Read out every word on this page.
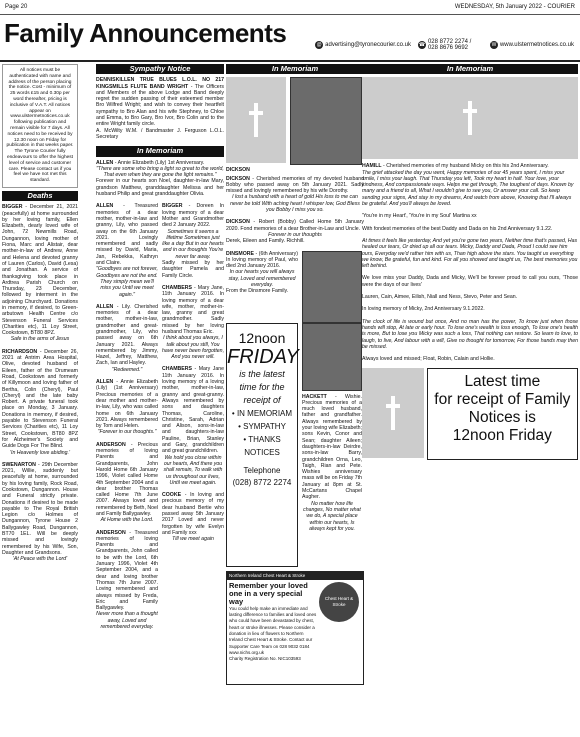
Page 20	WEDNESDAY, 5th January 2022 - COURIER
Family Announcements	@ advertising@tyronecourier.co.uk ☎ 028 8772 2274 / 028 8676 9692	W www.ulstermetnotices.co.uk
All notices must be authenticated with name and address of the person placing the notice. Cost - minimum of 25 words £15 and 0.30p per word thereafter, pricing is inclusive of V.A.T. All notices appear on www.ulstermetnotices.co.uk following publication and remain visible for 7 days. All notices need to be received by 12.30 noon on Friday for publication in that weeks paper. The Tyrone Courier fully endeavours to offer the highest level of service and customer care. Please contact us if you feel we have not met this standard.
Deaths
BIGGER - December 21, 2021 (peacefully) at home surrounded by her loving family, Ellen Elizabeth, dearly loved wife of John, 72 Newmills Road, Dungannon, loving mother of Fiona, Marc and Alistair, dear mother-in-law of Andrew, Anne and Helena and devoted granny of Lauren (Carlos), David (Lesa) and Jonathan. A service of thanksgiving took place in Ardtrea Parish Church on Thursday, 23 December, followed by interment in the adjoining Churchyard. Donations in memory, if desired, to Green-arbutown Health Centre c/o Stevenson Funeral Services (Charities etc), 11 Loy Street, Cookstown, BT80 8PZ.
Safe in the arms of Jesus
RICHARDSON - December 26, 2021 at Antrim Area Hospital, Olive, devoted husband of Eileen, father of the Drumeam Road, Cookstown and formerly of Killymoon and loving father of Bertha, Colin (Cheryl), Paul (Cheryl) and the late baby Robert. A private funeral took place on Monday, 3 January. Donations in memory, if desired, payable to Stevenson Funeral Services (Charities etc), 11 Loy Street, Cookstown, BT80 8PZ for Alzheimer's Society and Guide Dogs For The Blind.
'In Heavenly love abiding.'
SWENARTON - 29th December 2021, Willie, suddenly but peacefully at home, surrounded by his loving family, Rock Road, Cookstown, Dungannon. House and Funeral strictly private. Donations if desired to be made payable to The Royal British Legion c/o Holmes of Dungannon, Tyrone House 2 Ballygawley Road, Dungannon, BT70 1EL. Will be deeply missed and lovingly remembered by his Wife, Son, Daughter and Grandsons.
'At Peace with the Lord'
Sympathy Notice
DENNISKILLEN TRUE BLUES L.O.L. NO 217 KINGSMILLS FLUTE BAND WRIGHT - The Officers and Members of the above Lodge and Band deeply regret the sudden passing of their esteemed member Bro Wilfred Wright; and wish to convey their heartfelt sympathy to Bro Alan and his wife Stephney, to Chloe and Emma, to Bro Gary, Bro Ivor, Bro Colin and to the entire Wright family circle.
A. McWilty W.M. / Bandmaster J. Ferguson L.O.L. Secretary
In Memoriam
ALLEN - Annie Elizabeth (Lily) 1st Anniversary.
"There are some who bring a light so great to the world, That even when they are gone the light remains."
Forever in our hearts son Noel, daughter-in-law Mary, grandson Matthew, granddaughter Melissa and her husband Philip and great granddaughter Olivia.
ALLEN - Treasured memories of a dear mother, mother-in-law and granny, Lily, who passed away on the 6th January 2021. Lovingly remembered and sadly missed by David, Maria, Jan, Rebekka, Kathryn and Claire.
"Goodbyes are not forever, Goodbyes are not the end. They simply mean we'll miss you Until we meet again."
ALLEN - Lily. Cherished memories of a dear mother, mother-in-law, grandmother and great-grandmother, Lily, who passed away on 6th January 2021. Always remembered by Jimmy, Hazel, Jeffrey, Matthew, Zach, Ian and Hayley.
"Redeemed."
ALLEN - Annie Elizabeth (Lily) (1st Anniversary) Precious memories of a dear mother and mother-in-law, Lily, who was called home on 6th January 2021. Always remembered by Tom and Helen.
"Forever in our thoughts."
ANDERSON - Precious memories of loving Parents and Grandparents, John Harold Home 6th January 1996, Violet called Home 4th September 2004 and a dear brother Thomas called Home 7th June 2007. Always loved and remembered by Beth, Noel and Family Ballygawley.
At Home with the Lord.
ANDERSON - Treasured memories of loving Parents and Grandparents, John called to be with the Lord, 6th January 1996, Violet 4th September 2004, and a dear and loving brother Thomas 7th June 2007. Loving remembered and always missed by Freda, Eric and Family Ballygawley.
Never more than a thought away, Loved and remembered everyday.
BIGGER - Doreen In loving memory of a dear Mother and Grandmother died 2 January 2022.
Sometimes it seems a lifetime Sometimes just like a day But in our hearts and in our thoughts You're never far away.
Sadly missed by her daughter Pamela and Family Circle.
CHAMBERS - Mary Jane, 11th January 2016. In loving memory of a dear wife, mother, mother-in-law, granny and great grandmother. Sadly missed by her loving husband Thomas Eric.
I think about you always, I talk about you still, You have never been forgotten, And you never will.
CHAMBERS - Mary Jane 11th January 2016. In loving memory of a loving mother, mother-in-law, granny and great-granny. Always remembered by sons and daughters Thomas, Caroline, Christine, Sarah, Adrian and Alison, sons-in-law and daughters-in-law Pauline, Brian, Stanley and Gary, grandchildren and great grandchildren.
We hold you close within our hearts, And there you shall remain, To walk with us throughout our lives, Until we meet again.
COOKE - In loving and precious memory of my dear husband Bertie who passed away 5th January 2017 Loved and never forgotten by wife Evelyn and Family xxx
Till we meet again
In Memoriam
DICKSON
DICKSON - Cherished memories of my devoted husband Bobby who passed away on 5th January 2021. Sadly missed and lovingly remembered by his wife Dorothy.
I lost a husband with a heart of gold His loss to me can never be told With aching heart I whisper low, God Bless you Bobby I miss you so.
DICKSON - Robert (Bobby) Called Home 5th January 2020. Fond memories of a dear Brother-in-Law and Uncle.
Forever in our thoughts
Derek, Eileen and Family. Richhill.
DINSMORE - (6th Anniversary) In loving memory of Paul, who died 2nd January 2016.
In our hearts you will always stay, Loved and remembered everyday.
From the Dinsmore Family.
12noon
FRIDAY
is the latest
time for the
receipt of
• IN MEMORIAM
• SYMPATHY
• THANKS
NOTICES
Telephone
(028) 8772 2274
HACKETT - Wishie. Precious memories of a much loved husband, father and grandfather. Always remembered by your loving wife Elizabeth; sons Kevin, Conor and Sean; daughter Aileen; daughters-in-law Deirdre, sons-in-law Barry, grandchildren Orna, Leo, Taigh, Rian and Pete. Wishies anniversary mass will be on Friday 7th January at 8pm at St. McCartans Chapel Augher.
No matter how life changes, No matter what we do, A special place within our hearts, Is always kept for you.
Northern Ireland Chest Heart & Stroke
Remember your loved one in a very special way
You could help make an immediate and lasting difference to families and loved ones who could have been devastated by chest, heart or stroke illnesses. Please consider a donation in lieu of flowers to Northern Ireland Chest Heart & Stroke. Contact our Supporter Care Team on 028 9032 0184 www.nichs.org.uk
Charity Registration No. NIC103593
Chest Heart & Stroke
In Memoriam
HAMILL - Cherished memories of my husband Micky on this his 2nd Anniversary.
The grief attacked the day you went, Happy memories of our 45 years spent, I miss your smile, I miss your laugh. That Thursday you left, Took my heart in half. Your love, your kindness, And compassionate ways. Helps me get through, The toughest of days. Known by many and a friend to all, What I wouldn't give to see you, Or answer your call. So keep sending your signs, And stay in my dreams, And watch from above, Knowing that I'll always be grateful. And you'll always be loved.
'You're in my Heart', 'You're in my Soul' Martina xx
With fondest memories of the best Daddy and Dada on his 2nd Anniversary 9.1.22.
At times it feels like yesterday, And yet you're gone two years, Neither time that's passed, Has healed our tears, Or dried up all our tears. Micky, Daddy and Dada, Proud I could see him ours, Everyday we'd rather him with us, Than high above the stars. You taught us everything we know, Be grateful, fun and kind. For all you showed and taught us, The best memories you left behind.
We love miss your Daddy, Dada and Micky, We'll be forever proud to call you ours, 'Those were the days of our lives'
Lauren, Cain, Aimee, Eilish, Niall and Ness, Stevo, Peter and Sean.
In loving memory of Micky, 2nd Anniversary 9.1.2022.
The clock of life is wound but once, And no man has the power, To know just when those hands will stop, At late or early hour. To lose one's wealth is loss enough, To lose one's health is more, But to lose you Micky was such a loss, That nothing can restore. So learn to love, to laugh, to live, And labour with a will, Give no thought for tomorrow, For those hands may then be missed.
Always loved and missed; Float, Robin, Calain and Hollie.
Latest time
for receipt of Family
Notices is
12noon Friday
